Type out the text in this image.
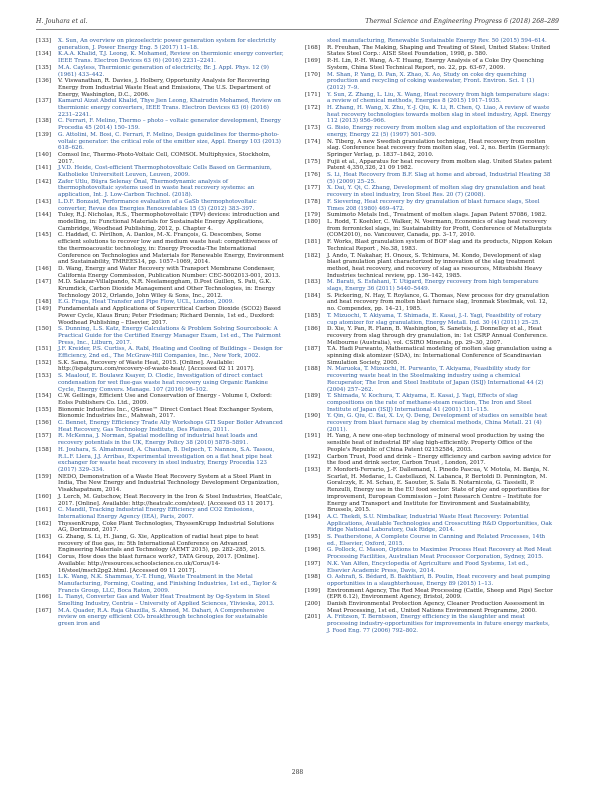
H. Jouhara et al.	Thermal Science and Engineering Progress 6 (2018) 268–289

[133] X. Sun, An overview on piezoelectric power generation system for electricity generation, J. Power Energy Eng. 5 (2017) 11–18.

[134] K.A.A. Khalid, T.J. Leong, K. Mohamed, Review on thermionic energy converter, IEEE Trans. Electron Devices 63 (6) (2016) 2231–2241.

[135] M.A. Cayless, Thermionic generation of electricity, Br. J. Appl. Phys. 12 (9) (1961) 433–442.

[136] V. Viswanathan, R. Davies, J. Holbery, Opportunity Analysis for Recovering Energy from Industrial Waste Heat and Emissions, The U.S. Department of Energy, Washington, D.C., 2006.

[137] Kamarul Aizat Abdul Khalid, Thye Jien Leong, Khairudin Mohamed, Review on thermionic energy converters, IEEE Trans. Electron Devices 63 (6) (2016) 2231–2241.

[138] C. Ferrari, F. Melino, Thermo – photo – voltaic generator development, Energy Procedia 45 (2014) 150–159.

[139] G. Attolini, M. Bosi, C. Ferrari, F. Melino, Design guidelines for thermo-photo-voltaic generator: the critical role of the emitter size, Appl. Energy 103 (2013) 618–626.

[140] Comsol Inc, Thermo-Photo-Voltaic Cell, COMSOL Multiphysics, Stockholm, 2017.

[141] J.V.D. Heide, Cost-efficient Thermophotovoltaic Cells Based on Germanium, Katholieke Universiteit Leuven, Leuven, 2009.

[142] Zafer Utlu, Büşra Selenay Önal, Thermodynamic analysis of thermophotovoltaic systems used in waste heat recovery systems: an application, Int. J. Low-Carbon Technol. (2018).

[143] L.D.F. Bonzaid, Performance evaluation of a GaSb thermophotovoltaic converter, Revue des Energies Renouvelables 15 (3) (2012) 383–397.

[144] Tuley, R.J. Nicholas, R.S., Thermophotovoltaic (TPV) devices: introduction and modelling, in: Functional Materials for Sustainable Energy Applications, Cambridge, Woodhead Publishing, 2012, p. Chapter 4.

[145] C. Haddad, C. Périlhon, A. Danlos, M.-X. François, G. Descombes, Some efficient solutions to recover low and medium waste heat: competitiveness of the thermoacoustic technology, in: Energy Procedia-The International Conference on Technologies and Materials for Renewable Energy, Environment and Sustainability, TMREES14, pp. 1057–1069, 2014.

[146] D. Wang, Energy and Water Recovery with Transport Membrane Condenser, California Energy Commission, Publication Number: CEC-5002013-001, 2013.

[147] M.D. Salazar-Villalpando, N.R. Neelameggham, D.Post Guillen, S. Pati, G.K. Krumdick, Carbon Dioxide Management and Other Technologies, in: Energy Technology 2012, Orlando, John Wiley & Sons, Inc., 2012.

[148] E.G. Fraga, Heat Transfer and Pipe Flow, UCL, London, 2009.

[149] Fundamentals and Applications of Supercritical Carbon Dioxide (SCO2) Based Power Cycle, Klaus Brun; Peter Friedman; Richard Dennis, 1st ed., Duxford: Woodhead Publishing – Elsevier, 2017.

[150] S. Dunning, L.S. Katz, Energy Calculations & Problem Solving Sourcebook: A Practical Guide for the Certified Energy Manager Exam, 1st ed., The Fairmont Press, Inc., Lilburn, 2017.

[151] J.F. Kreider, P.S. Curtiss, A. Rabl, Heating and Cooling of Buildings – Design for Efficiency, 2nd ed., The McGraw-Hill Companies, Inc., New York, 2002.

[152] S.K. Sama, Recovery of Waste Heat, 2015. [Online]. Available: http://ispatguru.com/recovery-of-waste-heat/. [Accessed 02 11 2017].

[153] S. Maalouf, E. Boulawz Ksayer, D. Clodic, Investigation of direct contact condensation for wet flue-gas waste heat recovery using Organic Rankine Cycle, Energy Convers. Manage. 107 (2016) 96–102.

[154] C.W. Gellings, Efficient Use and Conservation of Energy - Volume I, Oxford: Eolss Publishers Co. Ltd., 2009.

[155] Bionomic Industries Inc., QSense™ Direct Contact Heat Exchanger System, Bionomic Industries Inc., Mahwah, 2017.

[156] C. Bennet, Energy Efficiency Trade Ally Workshops GTI Super Boiler Advanced Heat Recovery, Gas Technology Institute, Des Plaines, 2011.

[157] R. McKenna, J. Norman, Spatial modelling of industrial heat loads and recovery potentials in the UK, Energy Policy 38 (2010) 5878–5891.

[158] H. Jouhara, S. Almahmoud, A. Chauhan, B. Delpech, T. Nannou, S.A. Tassou, R.L.F. Llera, J.J. Arribas, Experimental investigation on a flat heat pipe heat exchanger for waste heat recovery in steel industry, Energy Procedia 123 (2017) 329–334.

[159] NEDO, Demonstration of a Waste Heat Recovery System at a Steel Plant in India, The New Energy and Industrial Technology Development Organization, Visakhapatnam, 2014.

[160] J. Lerch, M. Gutschow, Heat Recovery in the Iron & Steel Industries, HeatCalc, 2017. [Online]. Available: http://heatcalc.com/steel/. [Accessed 03 11 2017].

[161] C. Mandil, Tracking Industrial Energy Efficiency and CO2 Emissions, International Energy Agency (IEA), Paris, 2007.

[162] ThyssenKrupp, Coke Plant Technologies, ThyssenKrupp Industrial Solutions AG, Dortmund, 2017.

[163] G. Zhang, S. Li, H. Jiang, G. Xie, Application of radial heat pipe to heat recovery of flue gas, in: 5th International Conference on Advanced Engineering Materials and Technology (AEMT 2015), pp. 282–285, 2015.

[164] Corus, How does the blast furnace work?, TATA Group, 2017. [Online]. Available: http://resources.schoolscience.co.uk/Corus/14-16/steel/msch2pg2.html. [Accessed 09 11 2017].

[165] L.K. Wang, N.K. Shammas, Y.-T. Hung, Waste Treatment in the Metal Manufacturing, Forming, Coating, and Finishing Industries, 1st ed., Taylor & Francis Group, LLC, Boca Raton, 2009.

[166] L. Tianyi, Converter Gas and Water Heat Treatment by Og-System in Steel Smelting Industry, Centria – University of Applied Sciences, Ylivieska, 2013.

[167] M.A. Quader, R.A. Raja Ghazilla, S. Ahmed, M. Dahari, A Comprehensive review on energy efficient CO₂ breakthrough technologies for sustainable green iron and

steel manufacturing, Renewable Sustainable Energy Rev. 50 (2015) 594–614.

[168] R. Freuhan, The Making, Shaping and Treating of Steel, United States: United States Steel Corp.: AISE Steel Foundation, 1998, p. 580.

[169] P.-H. Lin, P.-H. Wang, A.-T. Huang, Energy Analysis of a Coke Dry Quenching System, China Steel Technical Report, no. 22, pp. 63-67, 2009.

[170] M. Shan, P. Yang, D. Pan, X. Zhao, X. Ao, Study on coke dry quenching production and recycling of coking wastewater, Front. Environ. Sci. 1 (1) (2012) 7–9.

[171] Y. Sun, Z. Zhang, L. Liu, X. Wang, Heat recovery from high temperature slags: a review of chemical methods, Energies 8 (2015) 1917–1935.

[172] H. Zhang, H. Wang, X. Zhu, Y.-J. Qiu, K. Li, R. Chen, Q. Liao, A review of waste heat recovery technologies towards molten slag in steel industry, Appl. Energy 112 (2013) 956–966.

[173] G. Bisio, Energy recovery from molten slag and exploitation of the recovered energy, Energy 22 (5) (1997) 501–509.

[174] N. Tiberg, A new Swedish granulation technique, Heat recovery from molten slag. Conference heat recovery from molten slag, vol. 2, no. Berlin (Germany): Springer Verlag, p. 1837–1842, 2010.

[175] Fujii et al., Apparatus for heat recovery from molten slag. United States patent Patent 4,350,326, 21 09 1982.

[176] S. Li, Heat Recovery from B.F. Slag at home and abroad, Industrial Heating 38 (5) (2009) 25–25.

[177] X. Dai, Y. Qi, C. Zhang, Development of molten slag dry granulation and heat recovery in steel industry, Iron Steel Res. 20 (7) (2008).

[178] F. Sievering, Heat recovery by dry granulation of blast furnace slags, Steel Times 208 (1980) 469–472.

[179] Sumimoto Metals Ind., Treatment of molten slags. Japan Patent 57086, 1982.

[180] L. Rodd, T. Koehler, C. Walker, N. Voermann, Economics of slag heat recovery from ferronickel slags, in: Sustainability for Profit, Conference of Metallurgists (COM2010), no. Vancouver, Canada, pp. 3–17, 2010.

[181] F. Works, Blast granulation system of BOF slag and its products, Nippon Kokan Technical Report , No.38, 1983.

[182] J. Ando, T. Nakahar, H. Onoux, S. Tchimura, M. Kondo, Development of slag blast granulation plant characterized by innovation of the slag treatment method, heat recovery, and recovery of slag as resources, Mitsubishi Heavy Industries technical review, pp. 136–142, 1985.

[183] M. Barati, S. Esfahani, T. Utigard, Energy recovery from high temperature slags, Energy 36 (2011) 5440–5449.

[184] S. Pickering, N. Hay, T. Roylance, G. Thomas, New process for dry granulation and heat recovery from molten blast furnace slag, Ironmak Steelmak, vol. 12, no. Compendex, pp. 14–21, 1985.

[185] T. Mizuochi, T. Akiyama, T. Shimada, E. Kasai, J.-I. Yagi, Feasibility of rotary cup atomizer for slag granulation, Energy Metall. Ind. 30 (4) (2011) 25–25.

[186] D. Xie, Y. Pan, R. Flann, B. Washington, S. Sanetsis, J. Donnelley et al., Heat recovery from slag through dry granulation, in: 1st CSRP Annual Conference. Melbourne (Australia), vol. CSIRO Minerals, pp. 29–30, 2007.

[187] T.A. Hadi Purwanto, Mathematical modeling of molten slag granulation using a spinning disk atomizer (SDA), in: International Conference of Scandinavian Simulation Society, 2005.

[188] N. Maruoka, T. Mizuochi, H. Purwanto, T. Akiyama, Feasibility study for recovering waste heat in the Steelmaking industry using a chemical Recuperator, The Iron and Steel Institute of Japan (ISIJ) International 44 (2) (2004) 257–262.

[189] T. Shimada, V. Kochura, T. Akiyama, E. Kasai, J. Yagi, Effects of slag compositions on the rate of methane-steam reaction, The Iron and Steel Institute of Japan (ISIJ) International 41 (2001) 111–115.

[190] Y. Qin, G. Qiu, C. Bai, X. Lv, Q. Deng, Development of studies on sensible heat recovery from blast furnace slag by chemical methods, China Metall. 21 (4) (2011).

[191] H. Yang, A new one-step technology of mineral wool production by using the sensible heat of industrial BF slag high-efficiently. Property Office of the People's Republic of China Patent 02152584, 2003.

[192] Carbon Trust, Food and drink – Energy efficiency and carbon saving advice for the food and drink sector, Carbon Trust , London, 2017.

[193] F. Monforti-Ferrario, J.-F. Dallemand, I. Pinedo Pascua, V. Motola, M. Banja, N. Scarlat, H. Medarac, L. Castellazzi, N. Labanca, P. Bertoldi D. Pennington, M. Goralczyk, E. M. Schau, E. Saouter, S. Sala B. Notarnicola, G. Tassielli, P. Renzulli, Energy use in the EU food sector: State of play and opportunities for improvement, European Commission – Joint Research Centre – Institute for Energy and Transport and Institute for Environment and Sustainability, Brussels, 2015.

[194] A.C. Thekdi, S.U. Nimbalkar, Industrial Waste Heat Recovery: Potential Applications, Available Technologies and Crosscutting R&D Opportunities, Oak Ridge National Laboratory, Oak Ridge, 2014.

[195] S. Featherstone, A Complete Course in Canning and Related Processes, 14th ed., Elsevier, Oxford, 2015.

[196] G. Pollock, C. Mason, Options to Maximise Process Heat Recovery at Red Meat Processing Facilities, Australian Meat Processor Corporation, Sydney, 2015.

[197] N.K. Van Alfen, Encyclopedia of Agriculture and Food Systems, 1st ed., Elsevier Academic Press, Davis, 2014.

[198] O. Ashrafi, S. Bédard, B. Bakhtiari, B. Poulin, Heat recovery and heat pumping opportunities in a slaughterhouse, Energy 89 (2015) 1–13.

[199] Environment Agency, The Red Meat Processing (Cattle, Sheep and Pigs) Sector (EPR 6.12), Environment Agency, Bristol, 2009.

[200] Danish Environmental Protection Agency, Cleaner Production Assessment in Meat Processing, 1st ed., United Nations Environment Programme, 2000.

[201] A. Fritzson, T. Berntsson, Energy efficiency in the slaughter and meat processing industry-opportunities for improvements in future energy markets, J. Food Eng. 77 (2006) 792–802.

288
